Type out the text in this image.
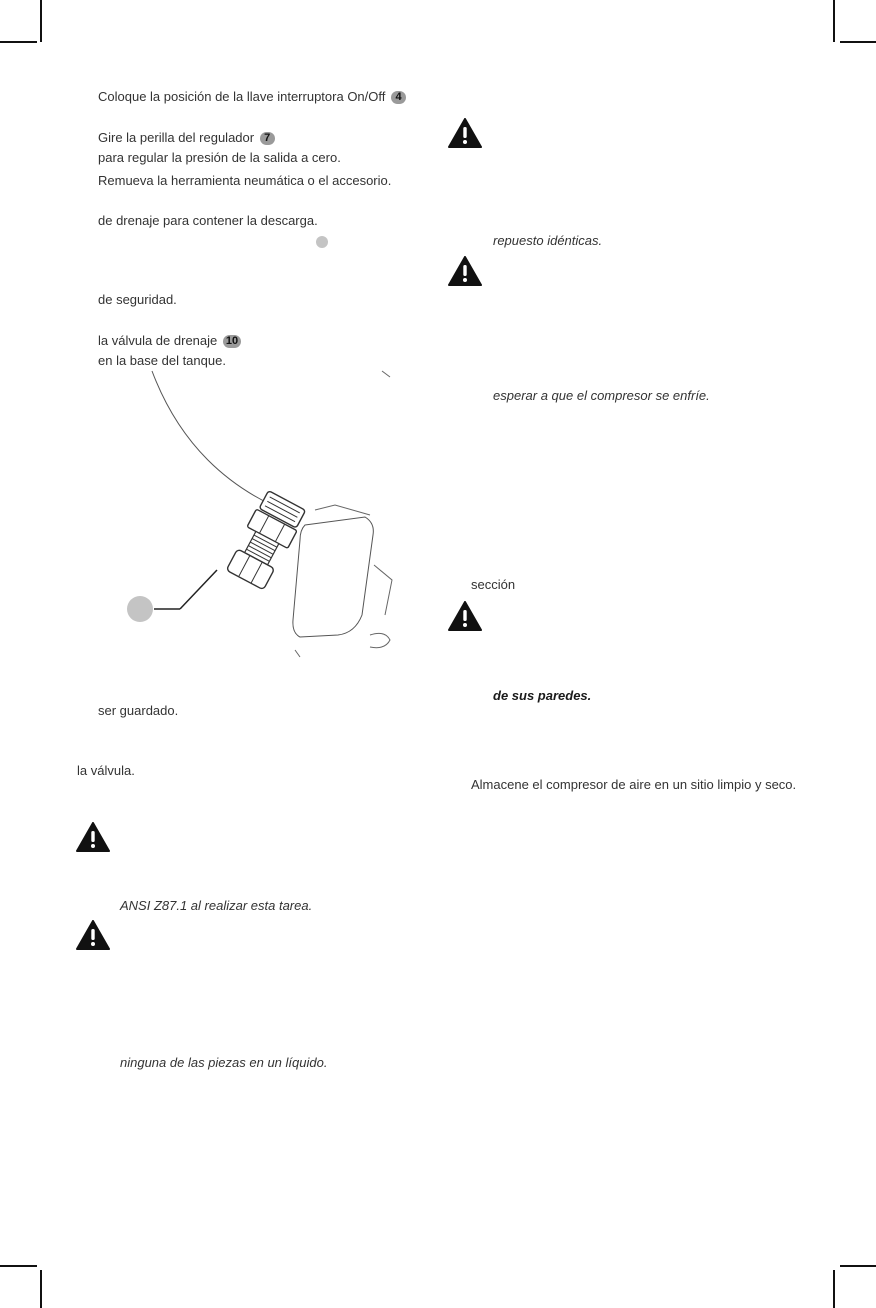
Coloque la posición de la llave interruptora On/Off 4
Gire la perilla del regulador 7
para regular la presión de la salida a cero.
Remueva la herramienta neumática o el accesorio.
de drenaje para contener la descarga.
de seguridad.
la válvula de drenaje 10
en la base del tanque.
ser guardado.
la válvula.
ANSI Z87.1 al realizar esta tarea.
ninguna de las piezas en un líquido.
repuesto idénticas.
esperar a que el compresor se enfríe.
sección
de sus paredes.
Almacene el compresor de aire en un sitio limpio y seco.
